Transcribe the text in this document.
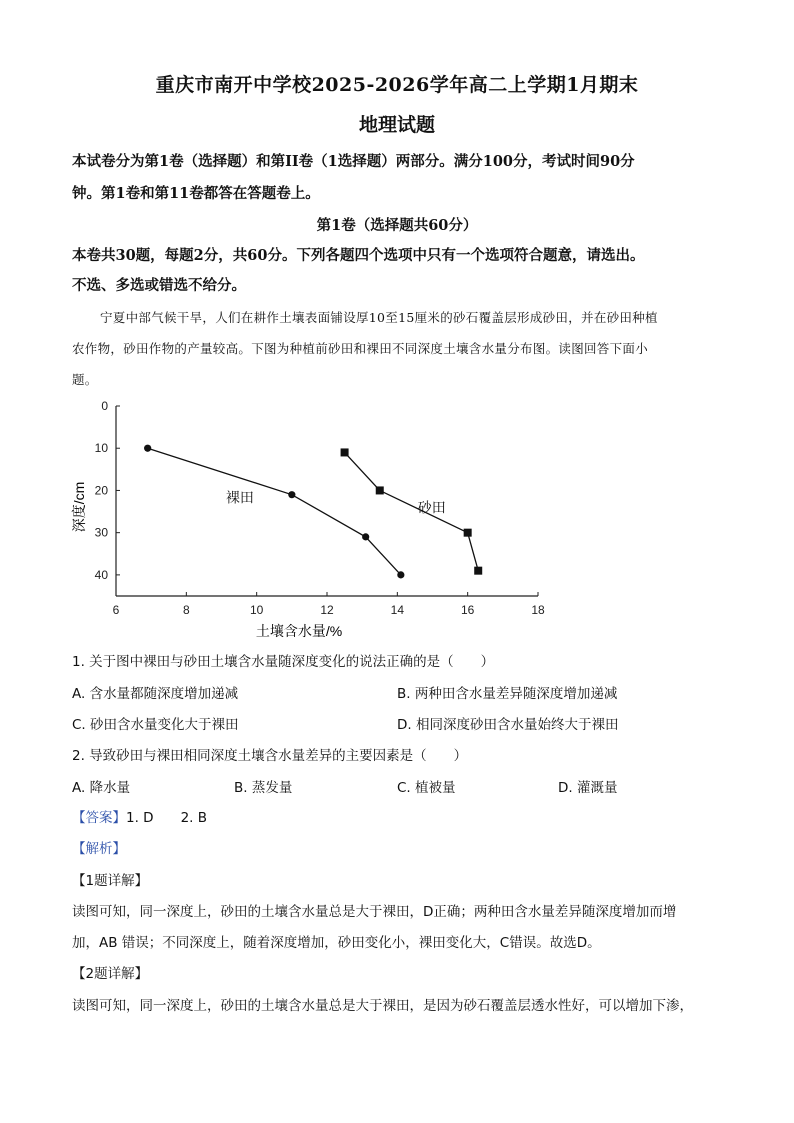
重庆市南开中学校2025-2026学年高二上学期1月期末
地理试题
本试卷分为第1卷（选择题）和第II卷（1选择题）两部分。满分100分，考试时间90分
钟。第1卷和第11卷都答在答题卷上。
第1卷（选择题共60分）
本卷共30题，每题2分，共60分。下列各题四个选项中只有一个选项符合题意，请选出。
不选、多选或错选不给分。
宁夏中部气候干旱，人们在耕作土壤表面铺设厚10至15厘米的砂石覆盖层形成砂田，并在砂田种植
农作物，砂田作物的产量较高。下图为种植前砂田和裸田不同深度土壤含水量分布图。读图回答下面小
题。
6	8	10	12	14	16	18
0
10
20
30
40
裸田
砂田
土壤含水量/%
深度/cm
1. 关于图中裸田与砂田土壤含水量随深度变化的说法正确的是（　　）
A. 含水量都随深度增加递减	B. 两种田含水量差异随深度增加递减
C. 砂田含水量变化大于裸田	D. 相同深度砂田含水量始终大于裸田
2. 导致砂田与裸田相同深度土壤含水量差异的主要因素是（　　）
A. 降水量	B. 蒸发量	C. 植被量	D. 灌溉量
【答案】1. D　　2. B
【解析】
【1题详解】
读图可知，同一深度上，砂田的土壤含水量总是大于裸田，D正确；两种田含水量差异随深度增加而增
加，AB 错误；不同深度上，随着深度增加，砂田变化小，裸田变化大，C错误。故选D。
【2题详解】
读图可知，同一深度上，砂田的土壤含水量总是大于裸田，是因为砂石覆盖层透水性好，可以增加下渗，
